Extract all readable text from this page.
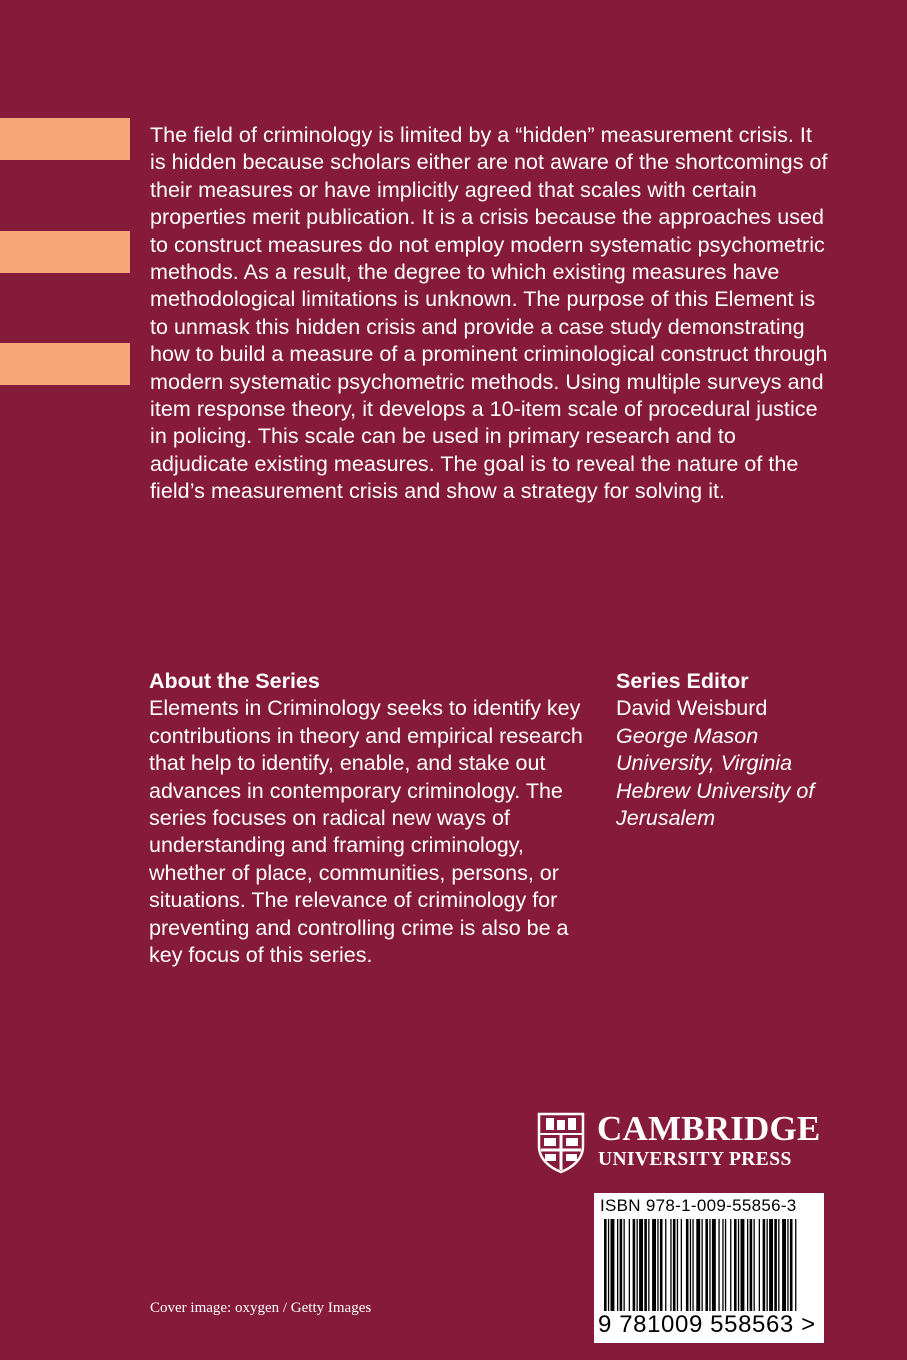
The field of criminology is limited by a “hidden” measurement crisis. It is hidden because scholars either are not aware of the shortcomings of their measures or have implicitly agreed that scales with certain properties merit publication. It is a crisis because the approaches used to construct measures do not employ modern systematic psychometric methods. As a result, the degree to which existing measures have methodological limitations is unknown. The purpose of this Element is to unmask this hidden crisis and provide a case study demonstrating how to build a measure of a prominent criminological construct through modern systematic psychometric methods. Using multiple surveys and item response theory, it develops a 10-item scale of procedural justice in policing. This scale can be used in primary research and to adjudicate existing measures. The goal is to reveal the nature of the field’s measurement crisis and show a strategy for solving it.

About the Series

Elements in Criminology seeks to identify key contributions in theory and empirical research that help to identify, enable, and stake out advances in contemporary criminology. The series focuses on radical new ways of understanding and framing criminology, whether of place, communities, persons, or situations. The relevance of criminology for preventing and controlling crime is also be a key focus of this series.

Series Editor
David Weisburd
George Mason University, Virginia
Hebrew University of Jerusalem
CAMBRIDGE
UNIVERSITY PRESS
ISBN 978-1-009-55856-3
9 781009 558563 >
Cover image: oxygen / Getty Images
